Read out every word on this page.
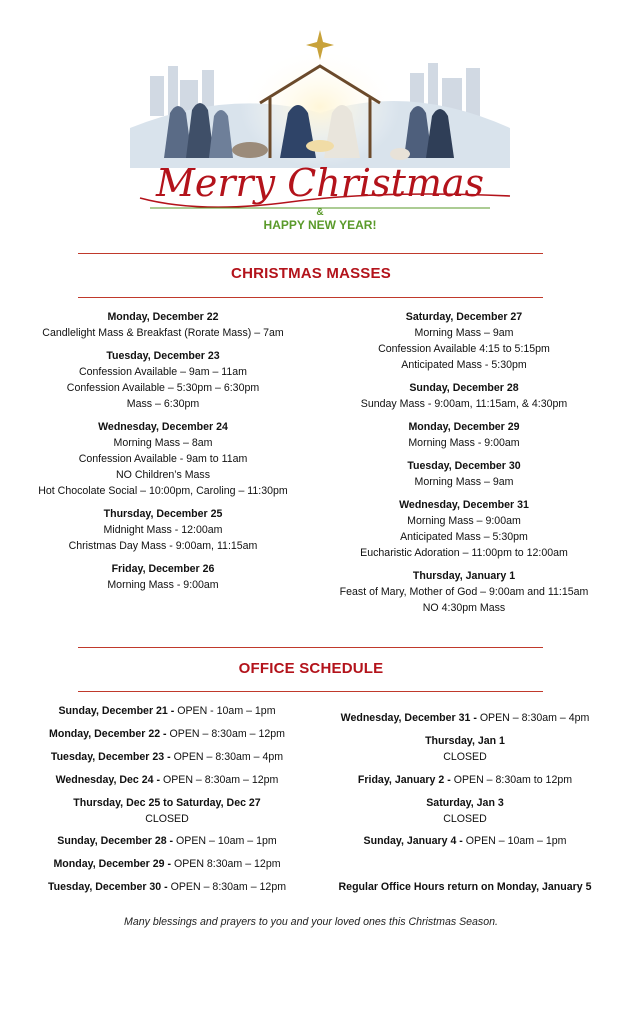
Merry Christmas
&
HAPPY NEW YEAR!
CHRISTMAS MASSES
Monday, December 22
Candlelight Mass & Breakfast (Rorate Mass) – 7am
Tuesday, December 23
Confession Available – 9am – 11am
Confession Available – 5:30pm – 6:30pm
Mass – 6:30pm
Wednesday, December 24
Morning Mass – 8am
Confession Available - 9am to 11am
NO Children’s Mass
Hot Chocolate Social – 10:00pm, Caroling – 11:30pm
Thursday, December 25
Midnight Mass - 12:00am
Christmas Day Mass - 9:00am, 11:15am
Friday, December 26
Morning Mass - 9:00am
Saturday, December 27
Morning Mass – 9am
Confession Available 4:15 to 5:15pm
Anticipated Mass - 5:30pm
Sunday, December 28
Sunday Mass - 9:00am, 11:15am, & 4:30pm
Monday, December 29
Morning Mass - 9:00am
Tuesday, December 30
Morning Mass – 9am
Wednesday, December 31
Morning Mass – 9:00am
Anticipated Mass – 5:30pm
Eucharistic Adoration – 11:00pm to 12:00am
Thursday, January 1
Feast of Mary, Mother of God – 9:00am and 11:15am
NO 4:30pm Mass
OFFICE SCHEDULE
Sunday, December 21 - OPEN - 10am – 1pm
Monday, December 22 - OPEN – 8:30am – 12pm
Tuesday, December 23 - OPEN – 8:30am – 4pm
Wednesday, Dec 24 - OPEN – 8:30am – 12pm
Thursday, Dec 25 to Saturday, Dec 27
CLOSED
Sunday, December 28 - OPEN – 10am – 1pm
Monday, December 29 - OPEN 8:30am – 12pm
Tuesday, December 30 - OPEN – 8:30am – 12pm
Wednesday, December 31 - OPEN – 8:30am – 4pm
Thursday, Jan 1
CLOSED
Friday, January 2 - OPEN – 8:30am to 12pm
Saturday, Jan 3
CLOSED
Sunday, January 4 - OPEN – 10am – 1pm
Regular Office Hours return on Monday, January 5
Many blessings and prayers to you and your loved ones this Christmas Season.
